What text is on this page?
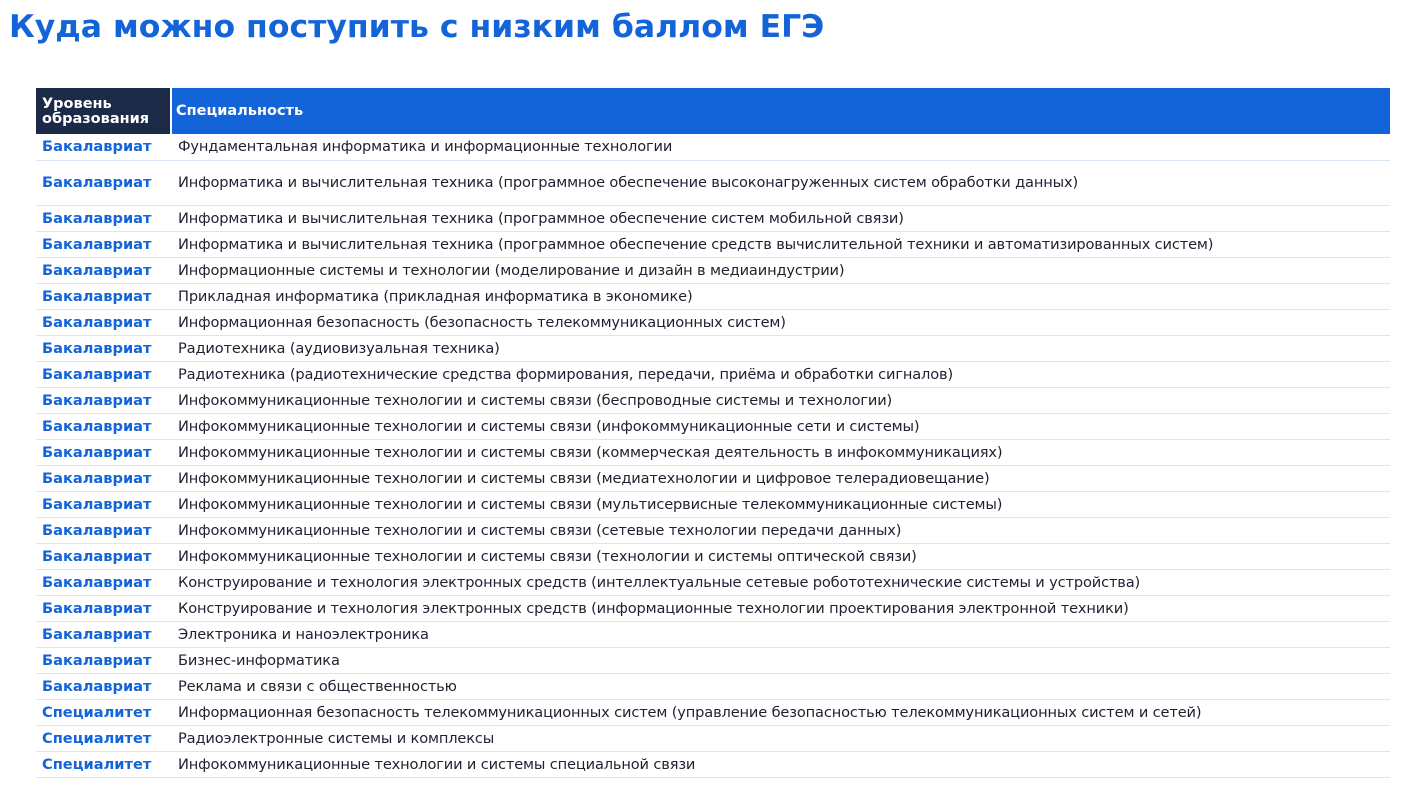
Куда можно поступить с низким баллом ЕГЭ
Уровень
образования	Специальность
Бакалавриат	Фундаментальная информатика и информационные технологии
Бакалавриат	Информатика и вычислительная техника (программное обеспечение высоконагруженных систем обработки данных)
Бакалавриат	Информатика и вычислительная техника (программное обеспечение систем мобильной связи)
Бакалавриат	Информатика и вычислительная техника (программное обеспечение средств вычислительной техники и автоматизированных систем)
Бакалавриат	Информационные системы и технологии (моделирование и дизайн в медиаиндустрии)
Бакалавриат	Прикладная информатика (прикладная информатика в экономике)
Бакалавриат	Информационная безопасность (безопасность телекоммуникационных систем)
Бакалавриат	Радиотехника (аудиовизуальная техника)
Бакалавриат	Радиотехника (радиотехнические средства формирования, передачи, приёма и обработки сигналов)
Бакалавриат	Инфокоммуникационные технологии и системы связи (беспроводные системы и технологии)
Бакалавриат	Инфокоммуникационные технологии и системы связи (инфокоммуникационные сети и системы)
Бакалавриат	Инфокоммуникационные технологии и системы связи (коммерческая деятельность в инфокоммуникациях)
Бакалавриат	Инфокоммуникационные технологии и системы связи (медиатехнологии и цифровое телерадиовещание)
Бакалавриат	Инфокоммуникационные технологии и системы связи (мультисервисные телекоммуникационные системы)
Бакалавриат	Инфокоммуникационные технологии и системы связи (сетевые технологии передачи данных)
Бакалавриат	Инфокоммуникационные технологии и системы связи (технологии и системы оптической связи)
Бакалавриат	Конструирование и технология электронных средств (интеллектуальные сетевые робототехнические системы и устройства)
Бакалавриат	Конструирование и технология электронных средств (информационные технологии проектирования электронной техники)
Бакалавриат	Электроника и наноэлектроника
Бакалавриат	Бизнес-информатика
Бакалавриат	Реклама и связи с общественностью
Специалитет	Информационная безопасность телекоммуникационных систем (управление безопасностью телекоммуникационных систем и сетей)
Специалитет	Радиоэлектронные системы и комплексы
Специалитет	Инфокоммуникационные технологии и системы специальной связи
